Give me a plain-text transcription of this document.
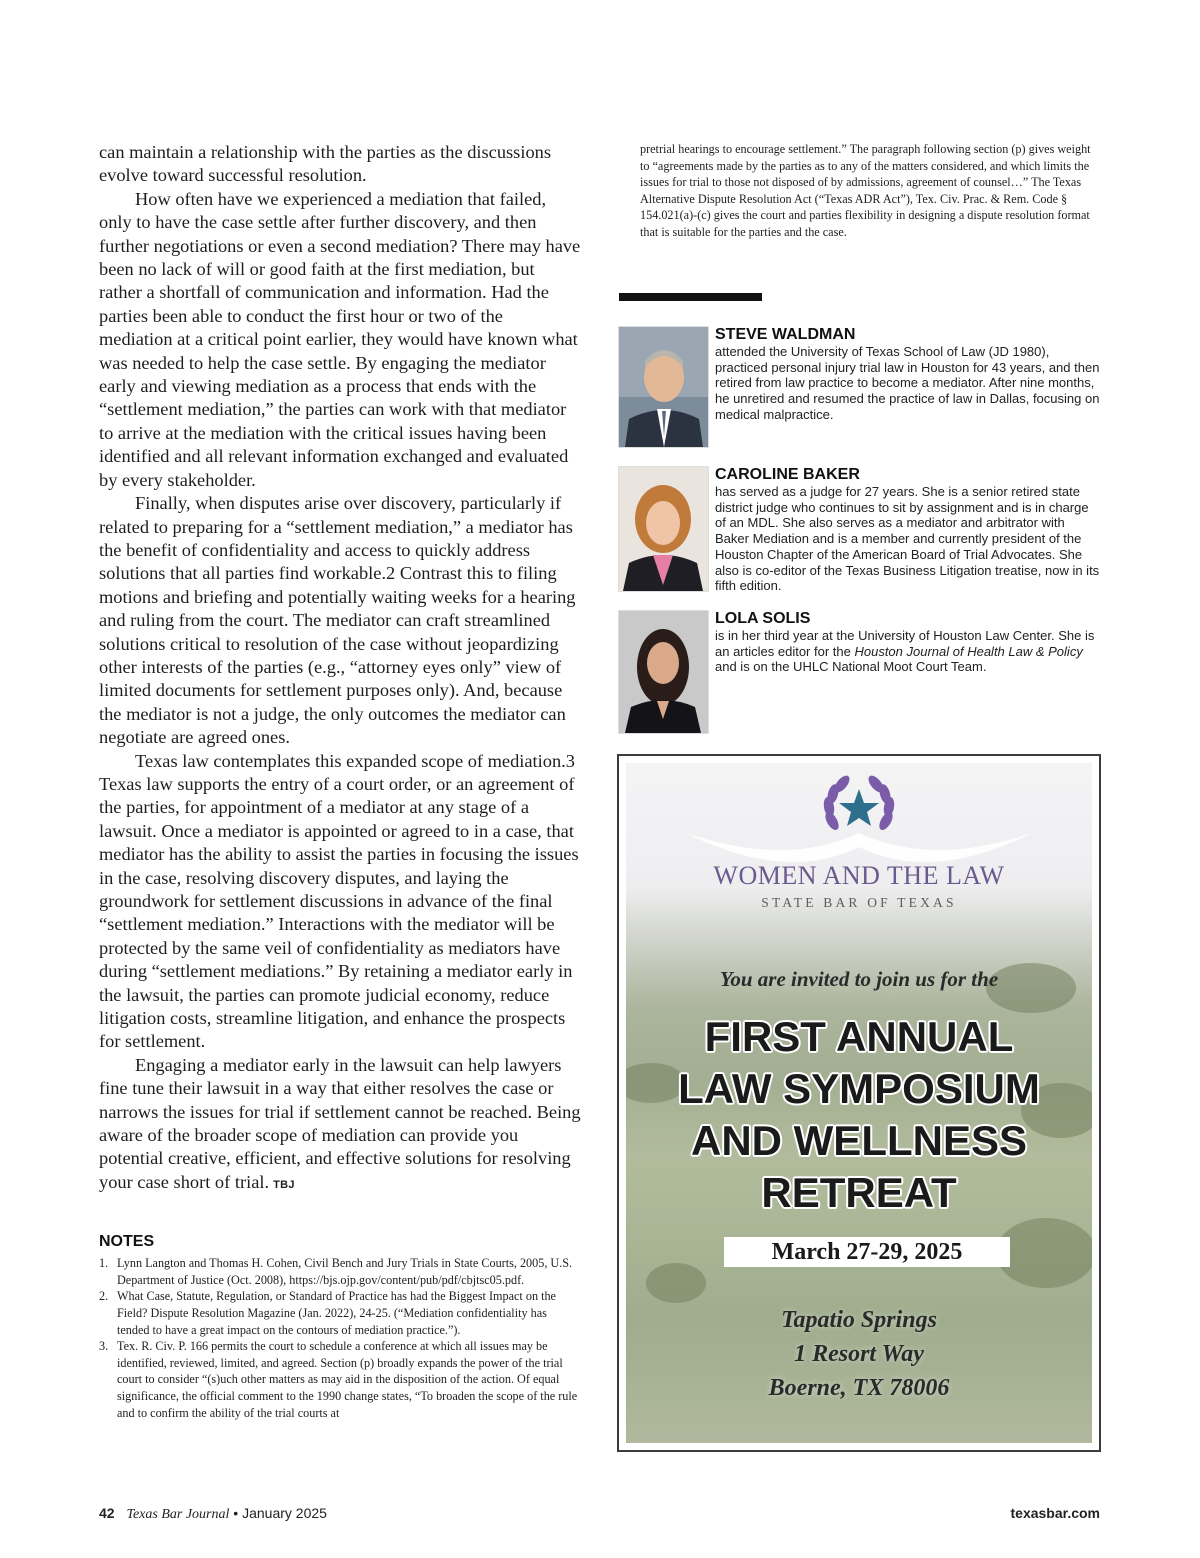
can maintain a relationship with the parties as the discussions evolve toward successful resolution.

How often have we experienced a mediation that failed, only to have the case settle after further discovery, and then further negotiations or even a second mediation? There may have been no lack of will or good faith at the first mediation, but rather a shortfall of communication and information. Had the parties been able to conduct the first hour or two of the mediation at a critical point earlier, they would have known what was needed to help the case settle. By engaging the mediator early and viewing mediation as a process that ends with the “settlement mediation,” the parties can work with that mediator to arrive at the mediation with the critical issues having been identified and all relevant information exchanged and evaluated by every stakeholder.

Finally, when disputes arise over discovery, particularly if related to preparing for a “settlement mediation,” a mediator has the benefit of confidentiality and access to quickly address solutions that all parties find workable.2 Contrast this to filing motions and briefing and potentially waiting weeks for a hearing and ruling from the court. The mediator can craft streamlined solutions critical to resolution of the case without jeopardizing other interests of the parties (e.g., “attorney eyes only” view of limited documents for settlement purposes only). And, because the mediator is not a judge, the only outcomes the mediator can negotiate are agreed ones.

Texas law contemplates this expanded scope of mediation.3 Texas law supports the entry of a court order, or an agreement of the parties, for appointment of a mediator at any stage of a lawsuit. Once a mediator is appointed or agreed to in a case, that mediator has the ability to assist the parties in focusing the issues in the case, resolving discovery disputes, and laying the groundwork for settlement discussions in advance of the final “settlement mediation.” Interactions with the mediator will be protected by the same veil of confidentiality as mediators have during “settlement mediations.” By retaining a mediator early in the lawsuit, the parties can promote judicial economy, reduce litigation costs, streamline litigation, and enhance the prospects for settlement.

Engaging a mediator early in the lawsuit can help lawyers fine tune their lawsuit in a way that either resolves the case or narrows the issues for trial if settlement cannot be reached. Being aware of the broader scope of mediation can provide you potential creative, efficient, and effective solutions for resolving your case short of trial. TBJ

NOTES
1. Lynn Langton and Thomas H. Cohen, Civil Bench and Jury Trials in State Courts, 2005, U.S. Department of Justice (Oct. 2008), https://bjs.ojp.gov/content/pub/pdf/cbjtsc05.pdf.
2. What Case, Statute, Regulation, or Standard of Practice has had the Biggest Impact on the Field? Dispute Resolution Magazine (Jan. 2022), 24-25. (“Mediation confidentiality has tended to have a great impact on the contours of mediation practice.”).
3. Tex. R. Civ. P. 166 permits the court to schedule a conference at which all issues may be identified, reviewed, limited, and agreed. Section (p) broadly expands the power of the trial court to consider “(s)uch other matters as may aid in the disposition of the action. Of equal significance, the official comment to the 1990 change states, “To broaden the scope of the rule and to confirm the ability of the trial courts at

pretrial hearings to encourage settlement.” The paragraph following section (p) gives weight to “agreements made by the parties as to any of the matters considered, and which limits the issues for trial to those not disposed of by admissions, agreement of counsel…” The Texas Alternative Dispute Resolution Act (“Texas ADR Act”), Tex. Civ. Prac. & Rem. Code § 154.021(a)-(c) gives the court and parties flexibility in designing a dispute resolution format that is suitable for the parties and the case.

STEVE WALDMAN

attended the University of Texas School of Law (JD 1980), practiced personal injury trial law in Houston for 43 years, and then retired from law practice to become a mediator. After nine months, he unretired and resumed the practice of law in Dallas, focusing on medical malpractice.

CAROLINE BAKER

has served as a judge for 27 years. She is a senior retired state district judge who continues to sit by assignment and is in charge of an MDL. She also serves as a mediator and arbitrator with Baker Mediation and is a member and currently president of the Houston Chapter of the American Board of Trial Advocates. She also is co-editor of the Texas Business Litigation treatise, now in its fifth edition.

LOLA SOLIS

is in her third year at the University of Houston Law Center. She is an articles editor for the Houston Journal of Health Law & Policy and is on the UHLC National Moot Court Team.

WOMEN AND THE LAW
STATE BAR OF TEXAS
You are invited to join us for the
FIRST ANNUAL
LAW SYMPOSIUM
AND WELLNESS
RETREAT
March 27-29, 2025
Tapatio Springs
1 Resort Way
Boerne, TX 78006
42 Texas Bar Journal • January 2025	texasbar.com
